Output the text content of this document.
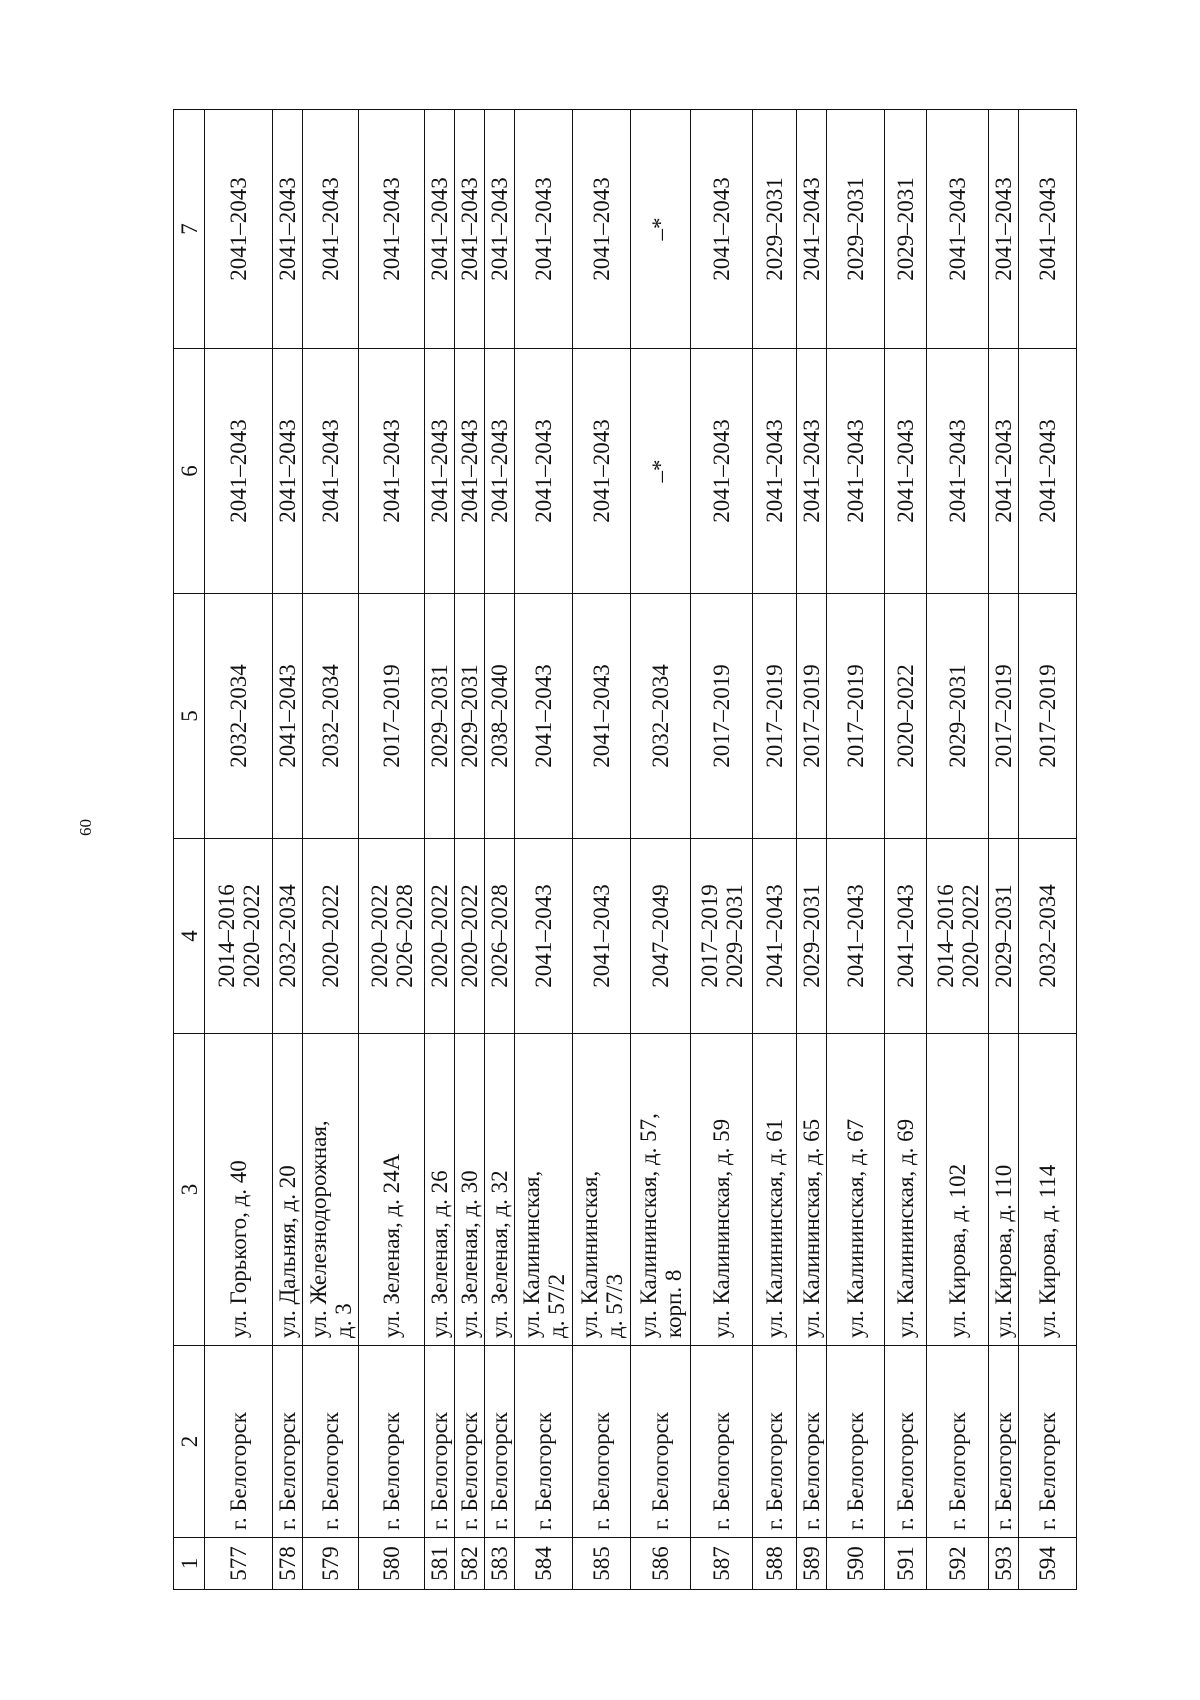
60
1	2	3	4	5	6	7

577	г. Белогорск	ул. Горького, д. 40	2014–2016 2020–2022	2032–2034	2041–2043	2041–2043

578	г. Белогорск	ул. Дальняя, д. 20	2032–2034	2041–2043	2041–2043	2041–2043

579	г. Белогорск	ул. Железнодорожная, д. 3	2020–2022	2032–2034	2041–2043	2041–2043

580	г. Белогорск	ул. Зеленая, д. 24А	2020–2022 2026–2028	2017–2019	2041–2043	2041–2043

581	г. Белогорск	ул. Зеленая, д. 26	2020–2022	2029–2031	2041–2043	2041–2043

582	г. Белогорск	ул. Зеленая, д. 30	2020–2022	2029–2031	2041–2043	2041–2043

583	г. Белогорск	ул. Зеленая, д. 32	2026–2028	2038–2040	2041–2043	2041–2043

584	г. Белогорск	ул. Калининская, д. 57/2	2041–2043	2041–2043	2041–2043	2041–2043

585	г. Белогорск	ул. Калининская, д. 57/3	2041–2043	2041–2043	2041–2043	2041–2043

586	г. Белогорск	ул. Калининская, д. 57, корп. 8	2047–2049	2032–2034	–*	–*

587	г. Белогорск	ул. Калининская, д. 59	2017–2019 2029–2031	2017–2019	2041–2043	2041–2043

588	г. Белогорск	ул. Калининская, д. 61	2041–2043	2017–2019	2041–2043	2029–2031

589	г. Белогорск	ул. Калининская, д. 65	2029–2031	2017–2019	2041–2043	2041–2043

590	г. Белогорск	ул. Калининская, д. 67	2041–2043	2017–2019	2041–2043	2029–2031

591	г. Белогорск	ул. Калининская, д. 69	2041–2043	2020–2022	2041–2043	2029–2031

592	г. Белогорск	ул. Кирова, д. 102	2014–2016 2020–2022	2029–2031	2041–2043	2041–2043

593	г. Белогорск	ул. Кирова, д. 110	2029–2031	2017–2019	2041–2043	2041–2043

594	г. Белогорск	ул. Кирова, д. 114	2032–2034	2017–2019	2041–2043	2041–2043
